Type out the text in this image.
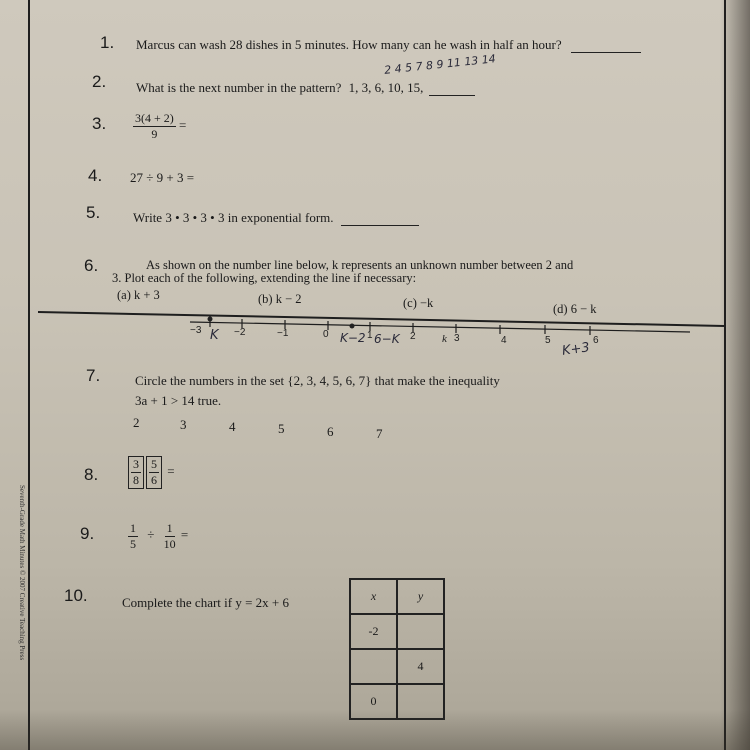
Seventh-Grade Math Minutes © 2007 Creative Teaching Press
1. Marcus can wash 28 dishes in 5 minutes. How many can he wash in half an hour?
2.
2 4 5 7 8 9 11 13 14
What is the next number in the pattern? 1, 3, 6, 10, 15,
3. $\frac{3(4 + 2)}{9}$ =
4. 27 ÷ 9 + 3 =
5.	Write 3 • 3 • 3 • 3 in exponential form.
6.	As shown on the number line below, k represents an unknown number between 2 and
3. Plot each of the following, extending the line if necessary:
(a) k + 3	(b) k − 2	(c) −k	(d) 6 − k
−3	−2	−1	0	1	2	3	4	5	6
k
K	K−2 6−K
K+3
7.	Circle the numbers in the set {2, 3, 4, 5, 6, 7} that make the inequality
3a + 1 > 14 true.
2	3	4	5	6	7
8.	$\frac{3}{8} \frac{5}{6}$ =
9.	$\frac{1}{5} \div \frac{1}{10}$ =
10.	Complete the chart if y = 2x + 6	x	y
-2	
	4
0	
